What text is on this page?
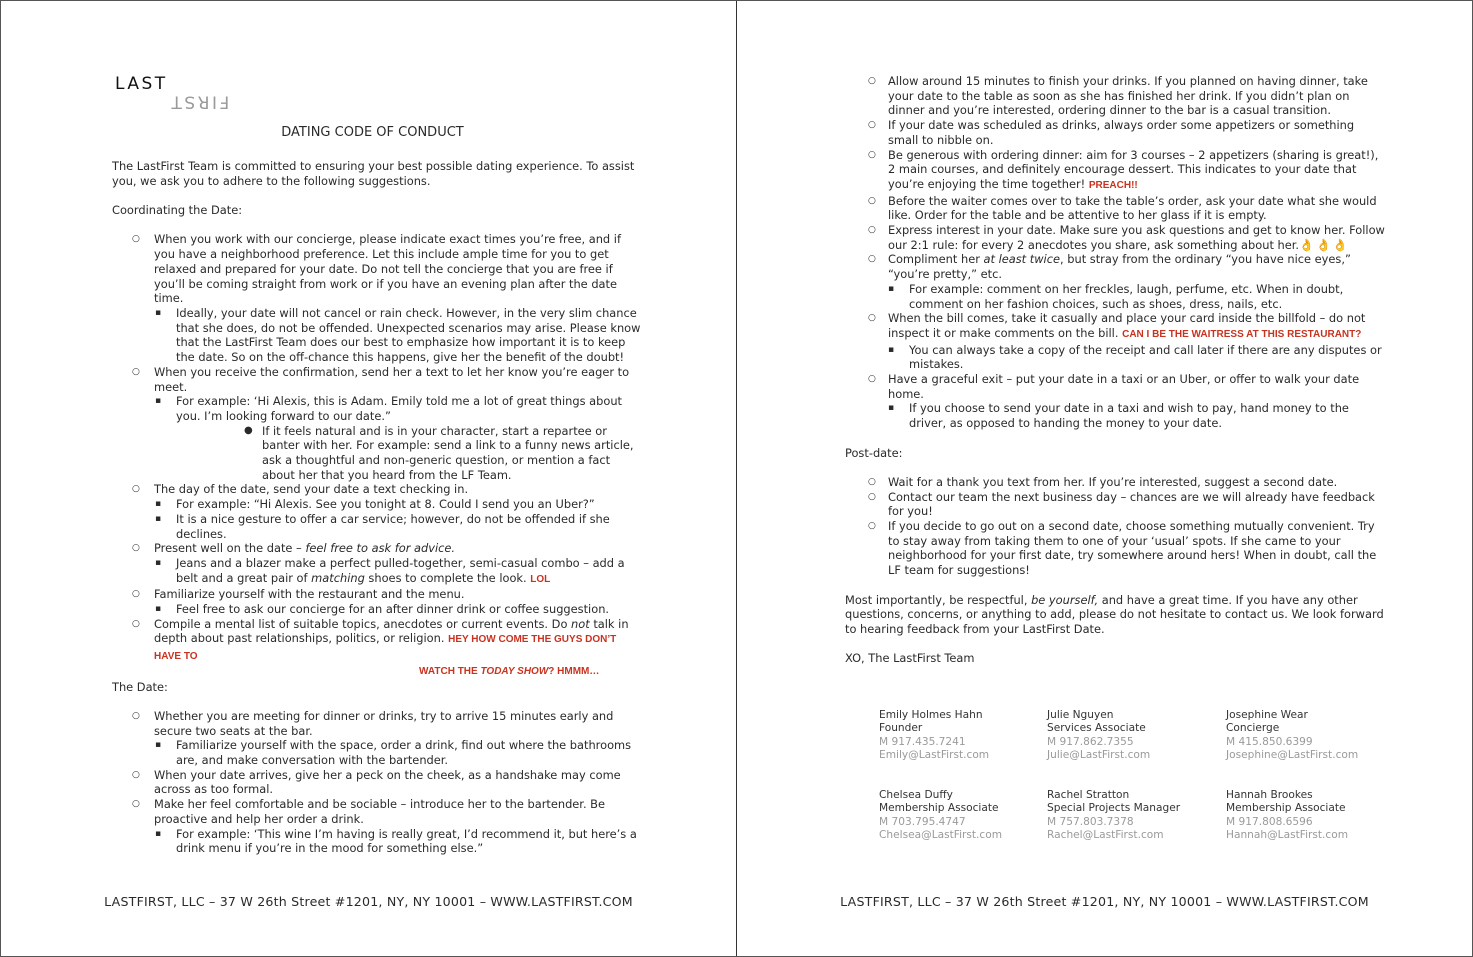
LAST
FIRST
DATING CODE OF CONDUCT

The LastFirst Team is committed to ensuring your best possible dating experience. To assist you, we ask you to adhere to the following suggestions.

Coordinating the Date:

○ When you work with our concierge, please indicate exact times you’re free, and if you have a neighborhood preference. Let this include ample time for you to get relaxed and prepared for your date. Do not tell the concierge that you are free if you’ll be coming straight from work or if you have an evening plan after the date time.
▪ Ideally, your date will not cancel or rain check. However, in the very slim chance that she does, do not be offended. Unexpected scenarios may arise. Please know that the LastFirst Team does our best to emphasize how important it is to keep the date. So on the off-chance this happens, give her the benefit of the doubt!
○ When you receive the confirmation, send her a text to let her know you’re eager to meet.
▪ For example: ‘Hi Alexis, this is Adam. Emily told me a lot of great things about you. I’m looking forward to our date.”
● If it feels natural and is in your character, start a repartee or banter with her. For example: send a link to a funny news article, ask a thoughtful and non-generic question, or mention a fact about her that you heard from the LF Team.
○ The day of the date, send your date a text checking in.
▪ For example: “Hi Alexis. See you tonight at 8. Could I send you an Uber?”
▪ It is a nice gesture to offer a car service; however, do not be offended if she declines.
○ Present well on the date – feel free to ask for advice.
▪ Jeans and a blazer make a perfect pulled-together, semi-casual combo – add a belt and a great pair of matching shoes to complete the look. LOL
○ Familiarize yourself with the restaurant and the menu.
▪ Feel free to ask our concierge for an after dinner drink or coffee suggestion.
○ Compile a mental list of suitable topics, anecdotes or current events. Do not talk in depth about past relationships, politics, or religion. HEY HOW COME THE GUYS DON’T HAVE TO
WATCH THE TODAY SHOW? HMMM…

The Date:

○ Whether you are meeting for dinner or drinks, try to arrive 15 minutes early and secure two seats at the bar.
▪ Familiarize yourself with the space, order a drink, find out where the bathrooms are, and make conversation with the bartender.
○ When your date arrives, give her a peck on the cheek, as a handshake may come across as too formal.
○ Make her feel comfortable and be sociable – introduce her to the bartender. Be proactive and help her order a drink.
▪ For example: ‘This wine I’m having is really great, I’d recommend it, but here’s a drink menu if you’re in the mood for something else.”
LASTFIRST, LLC – 37 W 26th Street #1201, NY, NY 10001 – WWW.LASTFIRST.COM
○ Allow around 15 minutes to finish your drinks. If you planned on having dinner, take your date to the table as soon as she has finished her drink. If you didn’t plan on dinner and you’re interested, ordering dinner to the bar is a casual transition.
○ If your date was scheduled as drinks, always order some appetizers or something small to nibble on.
○ Be generous with ordering dinner: aim for 3 courses – 2 appetizers (sharing is great!), 2 main courses, and definitely encourage dessert. This indicates to your date that you’re enjoying the time together! PREACH!!
○ Before the waiter comes over to take the table’s order, ask your date what she would like. Order for the table and be attentive to her glass if it is empty.
○ Express interest in your date. Make sure you ask questions and get to know her. Follow our 2:1 rule: for every 2 anecdotes you share, ask something about her.👌👌👌
○ Compliment her at least twice, but stray from the ordinary “you have nice eyes,” “you’re pretty,” etc.
▪ For example: comment on her freckles, laugh, perfume, etc. When in doubt, comment on her fashion choices, such as shoes, dress, nails, etc.
○ When the bill comes, take it casually and place your card inside the billfold – do not inspect it or make comments on the bill. CAN I BE THE WAITRESS AT THIS RESTAURANT?
▪ You can always take a copy of the receipt and call later if there are any disputes or mistakes.
○ Have a graceful exit – put your date in a taxi or an Uber, or offer to walk your date home.
▪ If you choose to send your date in a taxi and wish to pay, hand money to the driver, as opposed to handing the money to your date.

Post-date:

○ Wait for a thank you text from her. If you’re interested, suggest a second date.
○ Contact our team the next business day – chances are we will already have feedback for you!
○ If you decide to go out on a second date, choose something mutually convenient. Try to stay away from taking them to one of your ‘usual’ spots. If she came to your neighborhood for your first date, try somewhere around hers! When in doubt, call the LF team for suggestions!

Most importantly, be respectful, be yourself, and have a great time. If you have any other questions, concerns, or anything to add, please do not hesitate to contact us. We look forward to hearing feedback from your LastFirst Date.

XO, The LastFirst Team

Emily Holmes Hahn
Founder
M 917.435.7241
Emily@LastFirst.com
Julie Nguyen
Services Associate
M 917.862.7355
Julie@LastFirst.com
Josephine Wear
Concierge
M 415.850.6399
Josephine@LastFirst.com
Chelsea Duffy
Membership Associate
M 703.795.4747
Chelsea@LastFirst.com
Rachel Stratton
Special Projects Manager
M 757.803.7378
Rachel@LastFirst.com
Hannah Brookes
Membership Associate
M 917.808.6596
Hannah@LastFirst.com
LASTFIRST, LLC – 37 W 26th Street #1201, NY, NY 10001 – WWW.LASTFIRST.COM
